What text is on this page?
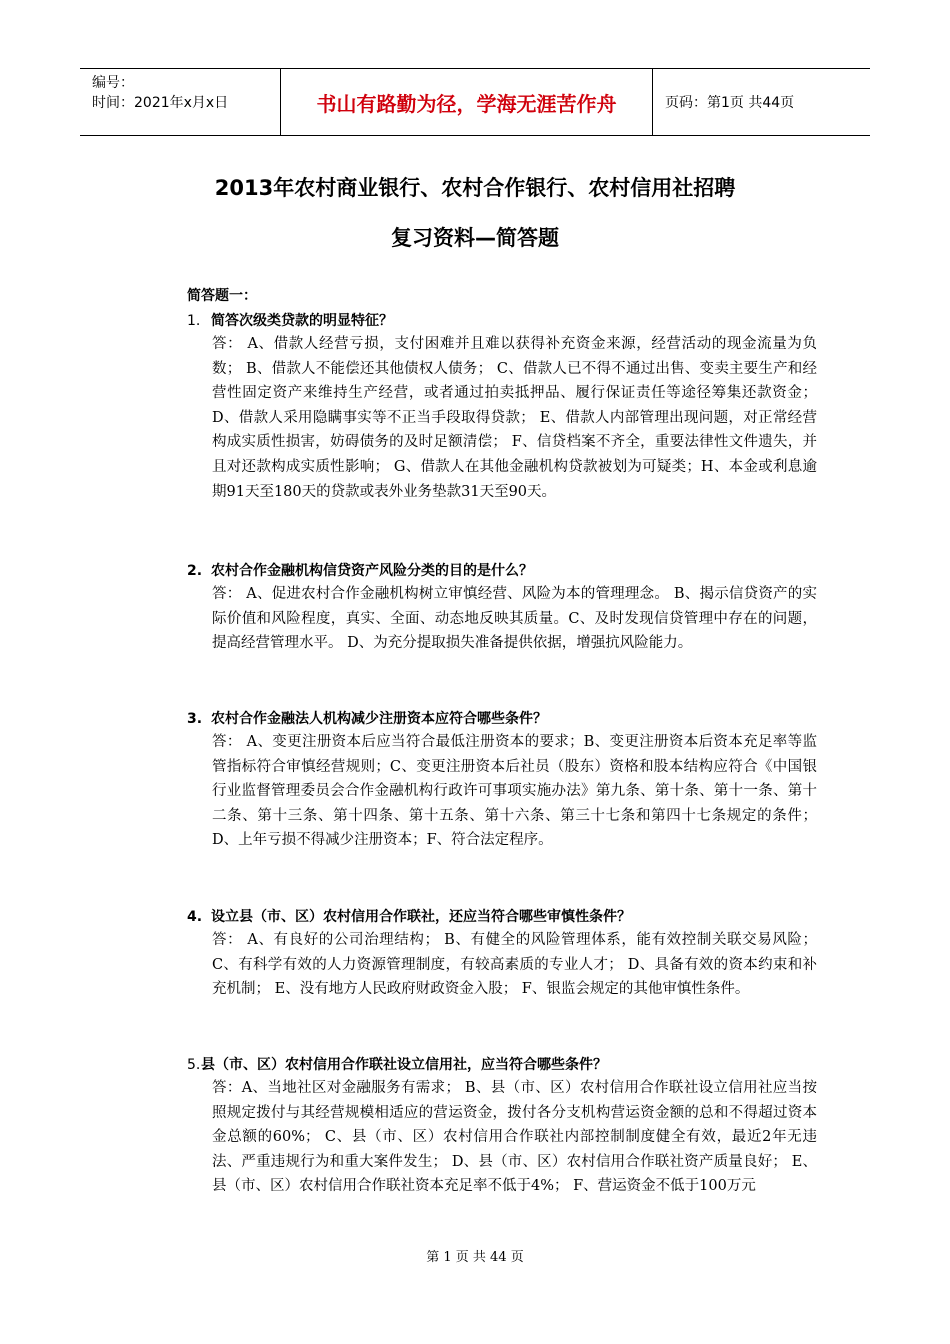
编号：
时间：2021年x月x日	书山有路勤为径，学海无涯苦作舟	页码：第1页 共44页
2013年农村商业银行、农村合作银行、农村信用社招聘
复习资料—简答题
简答题一：
1. 简答次级类贷款的明显特征？
答： A、借款人经营亏损，支付困难并且难以获得补充资金来源，经营活动的现金流量为负数； B、借款人不能偿还其他债权人债务； C、借款人已不得不通过出售、变卖主要生产和经营性固定资产来维持生产经营，或者通过拍卖抵押品、履行保证责任等途径筹集还款资金；D、借款人采用隐瞒事实等不正当手段取得贷款； E、借款人内部管理出现问题，对正常经营构成实质性损害，妨碍债务的及时足额清偿； F、信贷档案不齐全，重要法律性文件遗失，并且对还款构成实质性影响； G、借款人在其他金融机构贷款被划为可疑类；H、本金或利息逾期91天至180天的贷款或表外业务垫款31天至90天。
2. 农村合作金融机构信贷资产风险分类的目的是什么？
答： A、促进农村合作金融机构树立审慎经营、风险为本的管理理念。 B、揭示信贷资产的实际价值和风险程度，真实、全面、动态地反映其质量。C、及时发现信贷管理中存在的问题，提高经营管理水平。 D、为充分提取损失准备提供依据，增强抗风险能力。
3. 农村合作金融法人机构减少注册资本应符合哪些条件？
答： A、变更注册资本后应当符合最低注册资本的要求；B、变更注册资本后资本充足率等监管指标符合审慎经营规则；C、变更注册资本后社员（股东）资格和股本结构应符合《中国银行业监督管理委员会合作金融机构行政许可事项实施办法》第九条、第十条、第十一条、第十二条、第十三条、第十四条、第十五条、第十六条、第三十七条和第四十七条规定的条件；D、上年亏损不得减少注册资本；F、符合法定程序。
4. 设立县（市、区）农村信用合作联社，还应当符合哪些审慎性条件？
答： A、有良好的公司治理结构； B、有健全的风险管理体系，能有效控制关联交易风险； C、有科学有效的人力资源管理制度，有较高素质的专业人才； D、具备有效的资本约束和补充机制； E、没有地方人民政府财政资金入股； F、银监会规定的其他审慎性条件。
5.县（市、区）农村信用合作联社设立信用社，应当符合哪些条件？
答：A、当地社区对金融服务有需求； B、县（市、区）农村信用合作联社设立信用社应当按照规定拨付与其经营规模相适应的营运资金，拨付各分支机构营运资金额的总和不得超过资本金总额的60%； C、县（市、区）农村信用合作联社内部控制制度健全有效，最近2年无违法、严重违规行为和重大案件发生； D、县（市、区）农村信用合作联社资产质量良好； E、县（市、区）农村信用合作联社资本充足率不低于4%； F、营运资金不低于100万元
第 1 页 共 44 页
